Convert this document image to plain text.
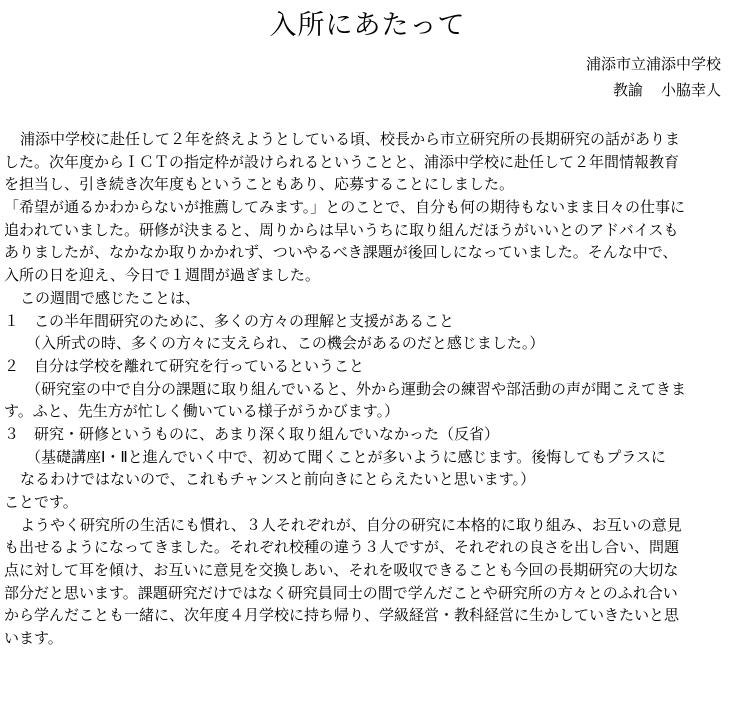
入所にあたって
浦添市立浦添中学校
教諭 小脇幸人
浦添中学校に赴任して２年を終えようとしている頃、校長から市立研究所の長期研究の話がありま
した。次年度からＩＣＴの指定枠が設けられるということと、浦添中学校に赴任して２年間情報教育
を担当し、引き続き次年度もということもあり、応募することにしました。
「希望が通るかわからないが推薦してみます。」とのことで、自分も何の期待もないまま日々の仕事に
追われていました。研修が決まると、周りからは早いうちに取り組んだほうがいいとのアドバイスも
ありましたが、なかなか取りかかれず、ついやるべき課題が後回しになっていました。そんな中で、
入所の日を迎え、今日で１週間が過ぎました。
この週間で感じたことは、
１　この半年間研究のために、多くの方々の理解と支援があること
（入所式の時、多くの方々に支えられ、この機会があるのだと感じました。）
２　自分は学校を離れて研究を行っているということ
（研究室の中で自分の課題に取り組んでいると、外から運動会の練習や部活動の声が聞こえてきま
す。ふと、先生方が忙しく働いている様子がうかびます。）
３　研究・研修というものに、あまり深く取り組んでいなかった（反省）
（基礎講座Ⅰ・Ⅱと進んでいく中で、初めて聞くことが多いように感じます。後悔してもプラスに
なるわけではないので、これもチャンスと前向きにとらえたいと思います。）
ことです。
ようやく研究所の生活にも慣れ、３人それぞれが、自分の研究に本格的に取り組み、お互いの意見
も出せるようになってきました。それぞれ校種の違う３人ですが、それぞれの良さを出し合い、問題
点に対して耳を傾け、お互いに意見を交換しあい、それを吸収できることも今回の長期研究の大切な
部分だと思います。課題研究だけではなく研究員同士の間で学んだことや研究所の方々とのふれ合い
から学んだことも一緒に、次年度４月学校に持ち帰り、学級経営・教科経営に生かしていきたいと思
います。
